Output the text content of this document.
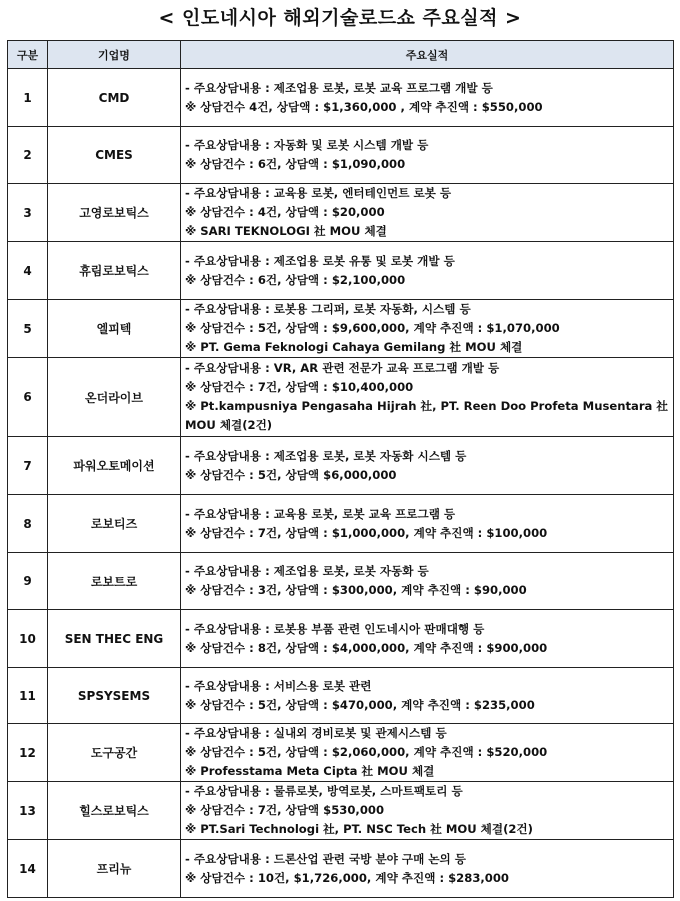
< 인도네시아 해외기술로드쇼 주요실적 >
구분	기업명	주요실적
1	CMD	- 주요상담내용 : 제조업용 로봇, 로봇 교육 프로그램 개발 등
※ 상담건수 4건, 상담액 : $1,360,000 , 계약 추진액 : $550,000

2	CMES	- 주요상담내용 : 자동화 및 로봇 시스템 개발 등
※ 상담건수 : 6건, 상담액 : $1,090,000

3	고영로보틱스	- 주요상담내용 : 교육용 로봇, 엔터테인먼트 로봇 등
※ 상담건수 : 4건, 상담액 : $20,000
※ SARI TEKNOLOGI 社 MOU 체결

4	휴림로보틱스	- 주요상담내용 : 제조업용 로봇 유통 및 로봇 개발 등
※ 상담건수 : 6건, 상담액 : $2,100,000

5	엘피텍	- 주요상담내용 : 로봇용 그리퍼, 로봇 자동화, 시스템 등
※ 상담건수 : 5건, 상담액 : $9,600,000, 계약 추진액 : $1,070,000
※ PT. Gema Feknologi Cahaya Gemilang 社 MOU 체결

6	온더라이브	- 주요상담내용 : VR, AR 관련 전문가 교육 프로그램 개발 등
※ 상담건수 : 7건, 상담액 : $10,400,000
※ Pt.kampusniya Pengasaha Hijrah 社, PT. Reen Doo Profeta Musentara 社 MOU 체결(2건)

7	파워오토메이션	- 주요상담내용 : 제조업용 로봇, 로봇 자동화 시스템 등
※ 상담건수 : 5건, 상담액 $6,000,000

8	로보티즈	- 주요상담내용 : 교육용 로봇, 로봇 교육 프로그램 등
※ 상담건수 : 7건, 상담액 : $1,000,000, 계약 추진액 : $100,000

9	로보트로	- 주요상담내용 : 제조업용 로봇, 로봇 자동화 등
※ 상담건수 : 3건, 상담액 : $300,000, 계약 추진액 : $90,000

10	SEN THEC ENG	- 주요상담내용 : 로봇용 부품 관련 인도네시아 판매대행 등
※ 상담건수 : 8건, 상담액 : $4,000,000, 계약 추진액 : $900,000

11	SPSYSEMS	- 주요상담내용 : 서비스용 로봇 관련
※ 상담건수 : 5건, 상담액 : $470,000, 계약 추진액 : $235,000

12	도구공간	- 주요상담내용 : 실내외 경비로봇 및 관제시스템 등
※ 상담건수 : 5건, 상담액 : $2,060,000, 계약 추진액 : $520,000
※ Professtama Meta Cipta 社 MOU 체결

13	힐스로보틱스	- 주요상담내용 : 물류로봇, 방역로봇, 스마트팩토리 등
※ 상담건수 : 7건, 상담액 $530,000
※ PT.Sari Technologi 社, PT. NSC Tech 社 MOU 체결(2건)

14	프리뉴	- 주요상담내용 : 드론산업 관련 국방 분야 구매 논의 등
※ 상담건수 : 10건, $1,726,000, 계약 추진액 : $283,000
